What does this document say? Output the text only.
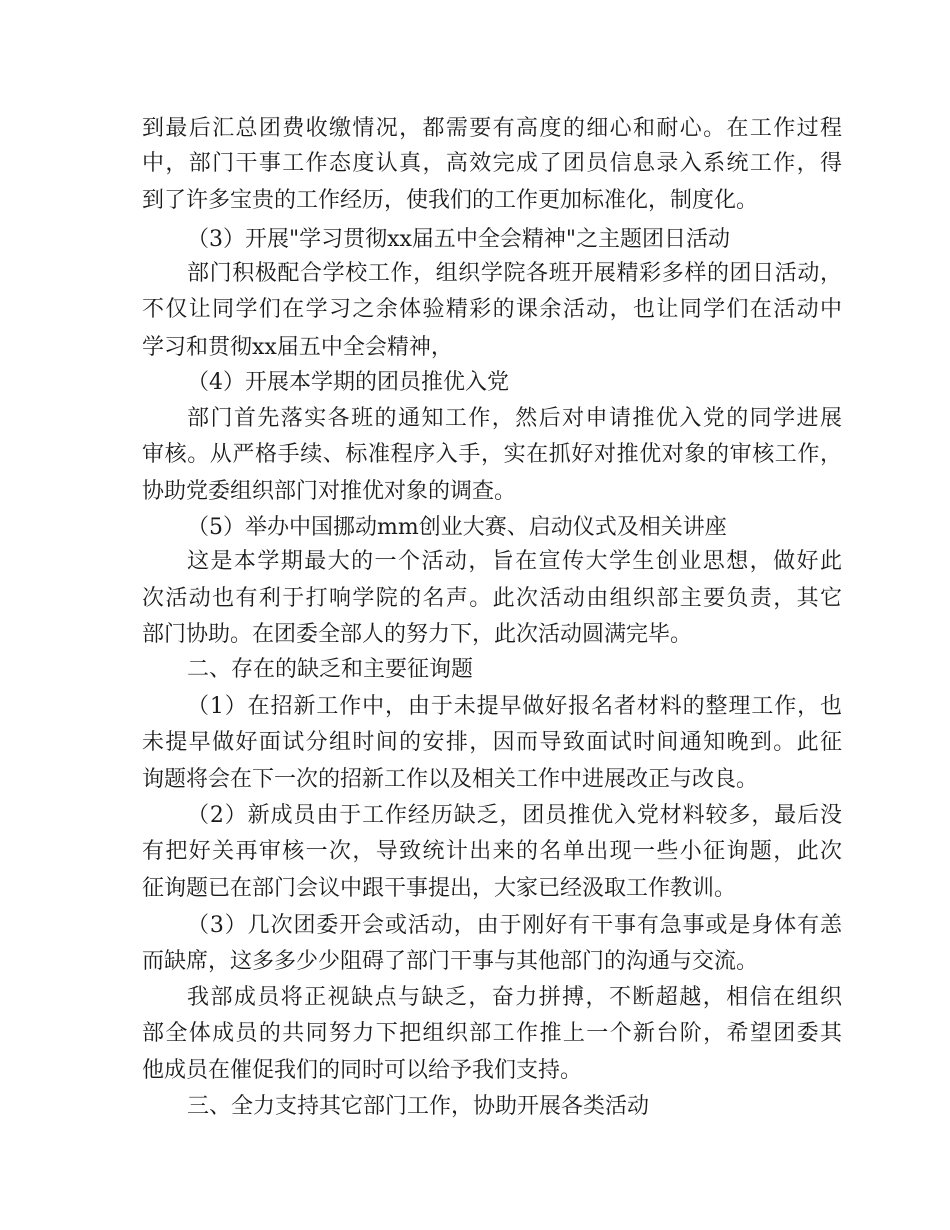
到最后汇总团费收缴情况，都需要有高度的细心和耐心。在工作过程
中，部门干事工作态度认真，高效完成了团员信息录入系统工作，得
到了许多宝贵的工作经历，使我们的工作更加标准化，制度化。
（3）开展"学习贯彻xx届五中全会精神"之主题团日活动
部门积极配合学校工作，组织学院各班开展精彩多样的团日活动，
不仅让同学们在学习之余体验精彩的课余活动，也让同学们在活动中
学习和贯彻xx届五中全会精神，
（4）开展本学期的团员推优入党
部门首先落实各班的通知工作，然后对申请推优入党的同学进展
审核。从严格手续、标准程序入手，实在抓好对推优对象的审核工作，
协助党委组织部门对推优对象的调查。
（5）举办中国挪动mm创业大赛、启动仪式及相关讲座
这是本学期最大的一个活动，旨在宣传大学生创业思想，做好此
次活动也有利于打响学院的名声。此次活动由组织部主要负责，其它
部门协助。在团委全部人的努力下，此次活动圆满完毕。
二、存在的缺乏和主要征询题
（1）在招新工作中，由于未提早做好报名者材料的整理工作，也
未提早做好面试分组时间的安排，因而导致面试时间通知晚到。此征
询题将会在下一次的招新工作以及相关工作中进展改正与改良。
（2）新成员由于工作经历缺乏，团员推优入党材料较多，最后没
有把好关再审核一次，导致统计出来的名单出现一些小征询题，此次
征询题已在部门会议中跟干事提出，大家已经汲取工作教训。
（3）几次团委开会或活动，由于刚好有干事有急事或是身体有恙
而缺席，这多多少少阻碍了部门干事与其他部门的沟通与交流。
我部成员将正视缺点与缺乏，奋力拼搏，不断超越，相信在组织
部全体成员的共同努力下把组织部工作推上一个新台阶，希望团委其
他成员在催促我们的同时可以给予我们支持。
三、全力支持其它部门工作，协助开展各类活动
